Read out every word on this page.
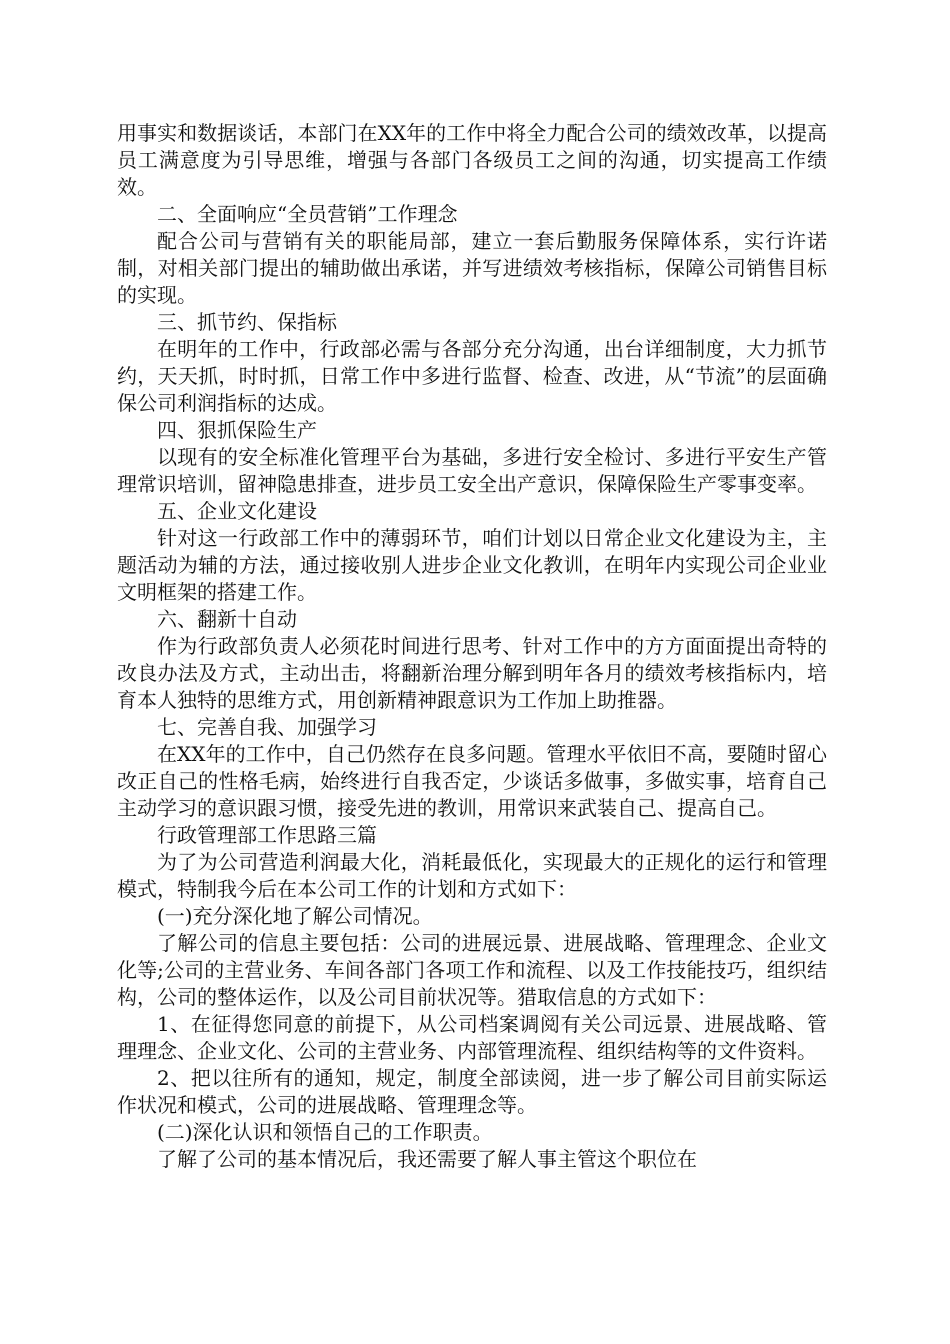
用事实和数据谈话，本部门在XX年的工作中将全力配合公司的绩效改革，以提高员工满意度为引导思维，增强与各部门各级员工之间的沟通，切实提高工作绩效。

二、全面响应“全员营销”工作理念

配合公司与营销有关的职能局部，建立一套后勤服务保障体系，实行许诺制，对相关部门提出的辅助做出承诺，并写进绩效考核指标，保障公司销售目标的实现。

三、抓节约、保指标

在明年的工作中，行政部必需与各部分充分沟通，出台详细制度，大力抓节约，天天抓，时时抓，日常工作中多进行监督、检查、改进，从“节流”的层面确保公司利润指标的达成。

四、狠抓保险生产

以现有的安全标准化管理平台为基础，多进行安全检讨、多进行平安生产管理常识培训，留神隐患排查，进步员工安全出产意识，保障保险生产零事变率。

五、企业文化建设

针对这一行政部工作中的薄弱环节，咱们计划以日常企业文化建设为主，主题活动为辅的方法，通过接收别人进步企业文化教训，在明年内实现公司企业业文明框架的搭建工作。

六、翻新十自动

作为行政部负责人必须花时间进行思考、针对工作中的方方面面提出奇特的改良办法及方式，主动出击，将翻新治理分解到明年各月的绩效考核指标内，培育本人独特的思维方式，用创新精神跟意识为工作加上助推器。

七、完善自我、加强学习

在XX年的工作中，自己仍然存在良多问题。管理水平依旧不高，要随时留心改正自己的性格毛病，始终进行自我否定，少谈话多做事，多做实事，培育自己主动学习的意识跟习惯，接受先进的教训，用常识来武装自己、提高自己。

行政管理部工作思路三篇

为了为公司营造利润最大化，消耗最低化，实现最大的正规化的运行和管理模式，特制我今后在本公司工作的计划和方式如下：

(一)充分深化地了解公司情况。

了解公司的信息主要包括：公司的进展远景、进展战略、管理理念、企业文化等;公司的主营业务、车间各部门各项工作和流程、以及工作技能技巧，组织结构，公司的整体运作，以及公司目前状况等。猎取信息的方式如下：

1、在征得您同意的前提下，从公司档案调阅有关公司远景、进展战略、管理理念、企业文化、公司的主营业务、内部管理流程、组织结构等的文件资料。

2、把以往所有的通知，规定，制度全部读阅，进一步了解公司目前实际运作状况和模式，公司的进展战略、管理理念等。

(二)深化认识和领悟自己的工作职责。

了解了公司的基本情况后，我还需要了解人事主管这个职位在
